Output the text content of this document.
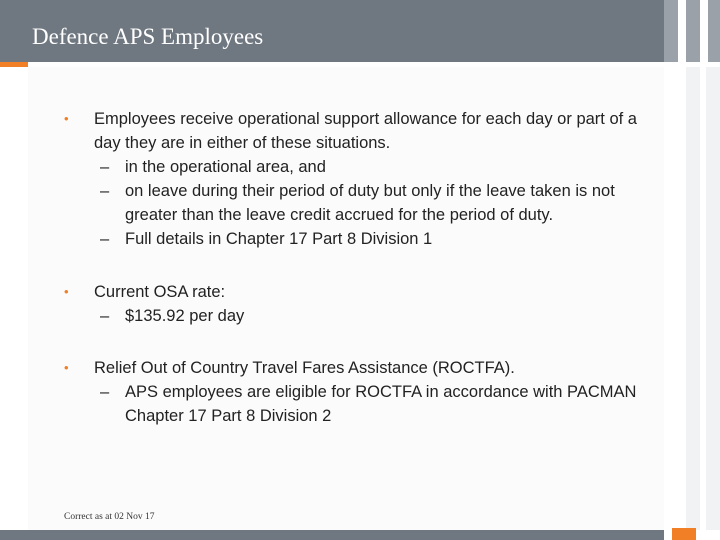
Defence APS Employees
• Employees receive operational support allowance for each day or part of a day they are in either of these situations.
– in the operational area, and
– on leave during their period of duty but only if the leave taken is not greater than the leave credit accrued for the period of duty.
– Full details in Chapter 17 Part 8 Division 1
• Current OSA rate:
– $135.92 per day
• Relief Out of Country Travel Fares Assistance (ROCTFA).
– APS employees are eligible for ROCTFA in accordance with PACMAN Chapter 17 Part 8 Division 2
Correct as at 02 Nov 17
